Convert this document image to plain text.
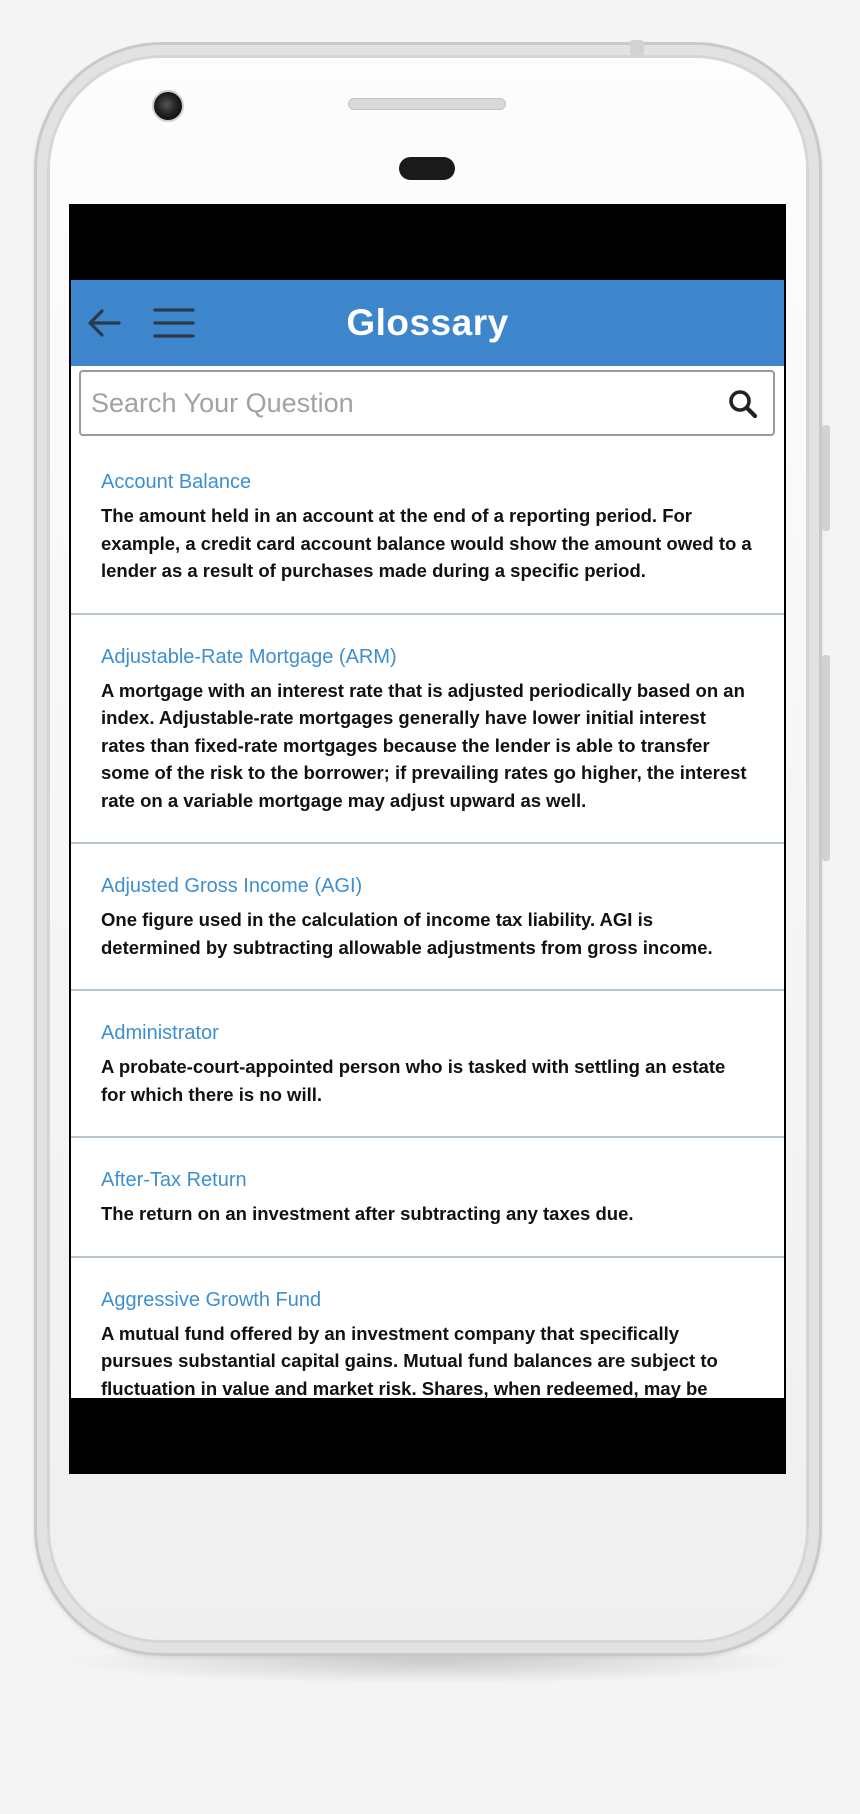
Glossary
Search Your Question

Account Balance

The amount held in an account at the end of a reporting period. For example, a credit card account balance would show the amount owed to a lender as a result of purchases made during a specific period.

Adjustable-Rate Mortgage (ARM)

A mortgage with an interest rate that is adjusted periodically based on an index. Adjustable-rate mortgages generally have lower initial interest rates than fixed-rate mortgages because the lender is able to transfer some of the risk to the borrower; if prevailing rates go higher, the interest rate on a variable mortgage may adjust upward as well.

Adjusted Gross Income (AGI)

One figure used in the calculation of income tax liability. AGI is determined by subtracting allowable adjustments from gross income.

Administrator

A probate-court-appointed person who is tasked with settling an estate for which there is no will.

After-Tax Return

The return on an investment after subtracting any taxes due.

Aggressive Growth Fund

A mutual fund offered by an investment company that specifically pursues substantial capital gains. Mutual fund balances are subject to fluctuation in value and market risk. Shares, when redeemed, may be
